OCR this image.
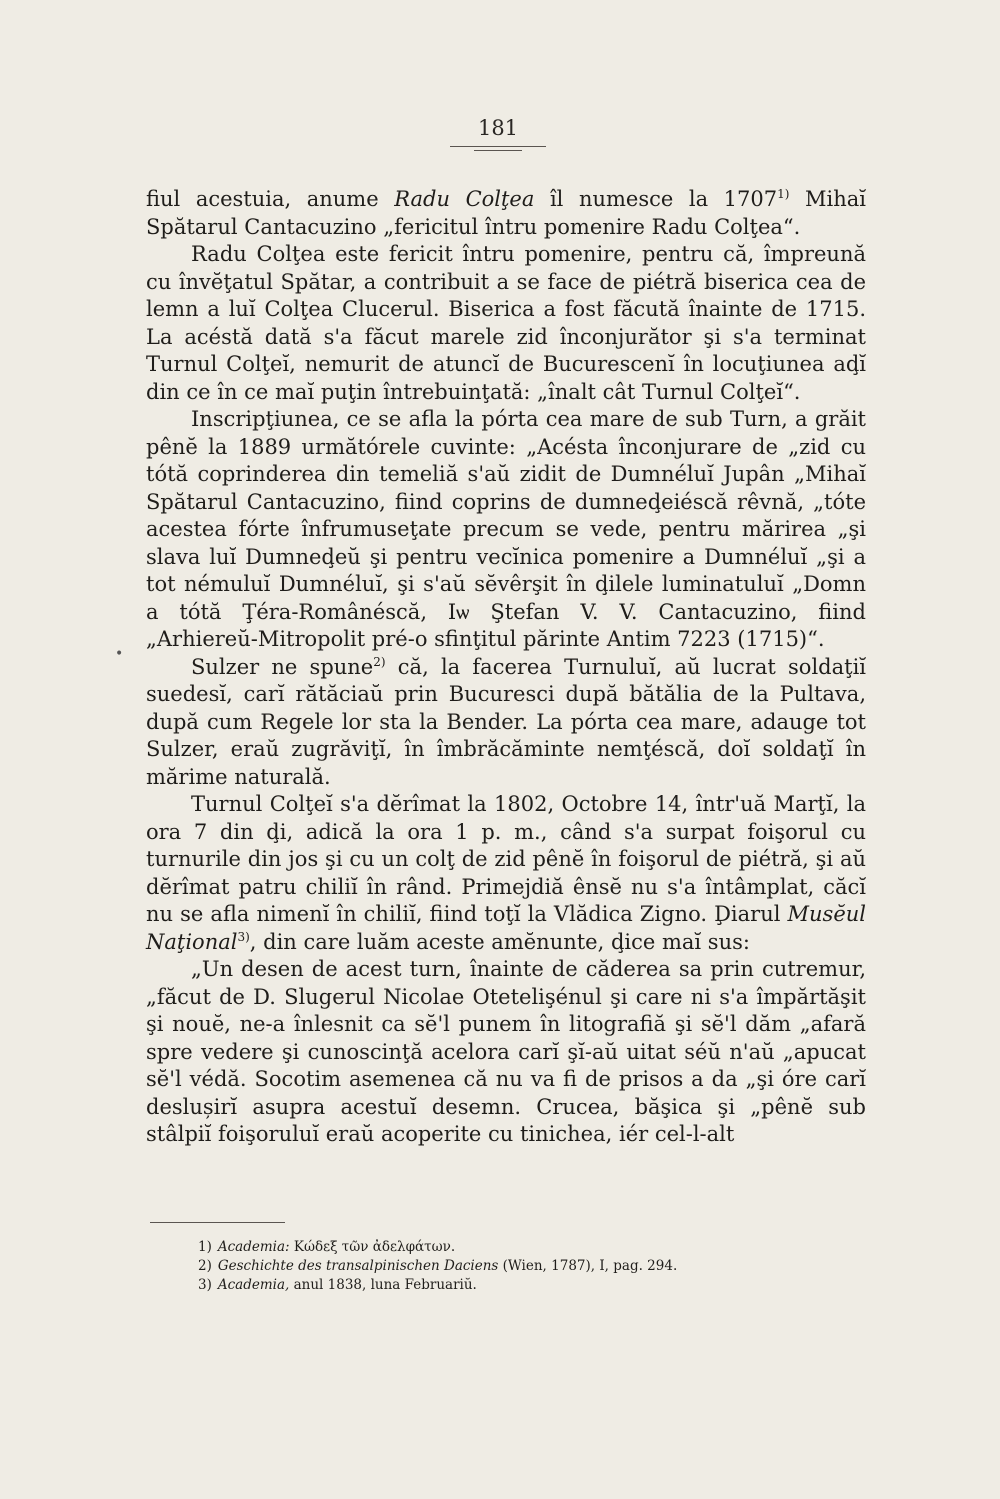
181
•

fiul acestuia, anume Radu Colţea îl numesce la 1707$^{1)}$ Mihaĭ Spătarul Cantacuzino „fericitul întru pomenire Radu Colţea“.

Radu Colţea este fericit întru pomenire, pentru că, împreună cu învĕţatul Spătar, a contribuit a se face de piétră biserica cea de lemn a luĭ Colţea Clucerul. Biserica a fost făcută înainte de 1715. La acéstă dată s'a făcut marele zid înconjurător şi s'a terminat Turnul Colţeĭ, nemurit de atuncĭ de Bucurescenĭ în locuţiunea aḑĭ din ce în ce maĭ puţin întrebuinţată: „înalt cât Turnul Colţeĭ“.

Inscripţiunea, ce se afla la pórta cea mare de sub Turn, a grăit pênĕ la 1889 următórele cuvinte: „Acésta înconjurare de „zid cu tótă coprinderea din temeliă s'aŭ zidit de Dumnéluĭ Jupân „Mihaĭ Spătarul Cantacuzino, fiind coprins de dumneḑeiéscă rêvnă, „tóte acestea fórte înfrumuseţate precum se vede, pentru mărirea „şi slava luĭ Dumneḑeŭ şi pentru vecĭnica pomenire a Dumnéluĭ „şi a tot némuluĭ Dumnéluĭ, şi s'aŭ sĕvêrşit în ḑilele luminatuluĭ „Domn a tótă Ţéra-Românéscă, Iѡ Ştefan V. V. Cantacuzino, fiind „Arhiereŭ-Mitropolit pré-o sfinţitul părinte Antim 7223 (1715)“.

Sulzer ne spune$^{2)}$ că, la facerea Turnuluĭ, aŭ lucrat soldaţiĭ suedesĭ, carĭ rătăciaŭ prin Bucuresci după bătălia de la Pultava, după cum Regele lor sta la Bender. La pórta cea mare, adauge tot Sulzer, eraŭ zugrăviţĭ, în îmbrăcăminte nemţéscă, doĭ soldaţĭ în mărime naturală.

Turnul Colţeĭ s'a dĕrîmat la 1802, Octobre 14, într'uă Marţĭ, la ora 7 din ḑi, adică la ora 1 p. m., când s'a surpat foişorul cu turnurile din jos şi cu un colţ de zid pênĕ în foişorul de piétră, şi aŭ dĕrîmat patru chiliĭ în rând. Primejdiă ênsĕ nu s'a întâmplat, căcĭ nu se afla nimenĭ în chiliĭ, fiind toţĭ la Vlădica Zigno. Ḑiarul Musĕul Naţional$^{3)}$, din care luăm aceste amĕnunte, ḑice maĭ sus:

„Un desen de acest turn, înainte de căderea sa prin cutremur, „făcut de D. Slugerul Nicolae Otetelişénul şi care ni s'a împărtăşit şi nouĕ, ne-a înlesnit ca sĕ'l punem în litografiă şi sĕ'l dăm „afară spre vedere şi cunoscinţă acelora carĭ şĭ-aŭ uitat séŭ n'aŭ „apucat sĕ'l védă. Socotim asemenea că nu va fi de prisos a da „şi óre carĭ deslușirĭ asupra acestuĭ desemn. Crucea, băşica şi „pênĕ sub stâlpiĭ foişoruluĭ eraŭ acoperite cu tinichea, iér cel-l-alt

1) Academia: Κώδεξ τῶν ἀδελφάτων.
2) Geschichte des transalpinischen Daciens (Wien, 1787), I, pag. 294.
3) Academia, anul 1838, luna Februariŭ.
